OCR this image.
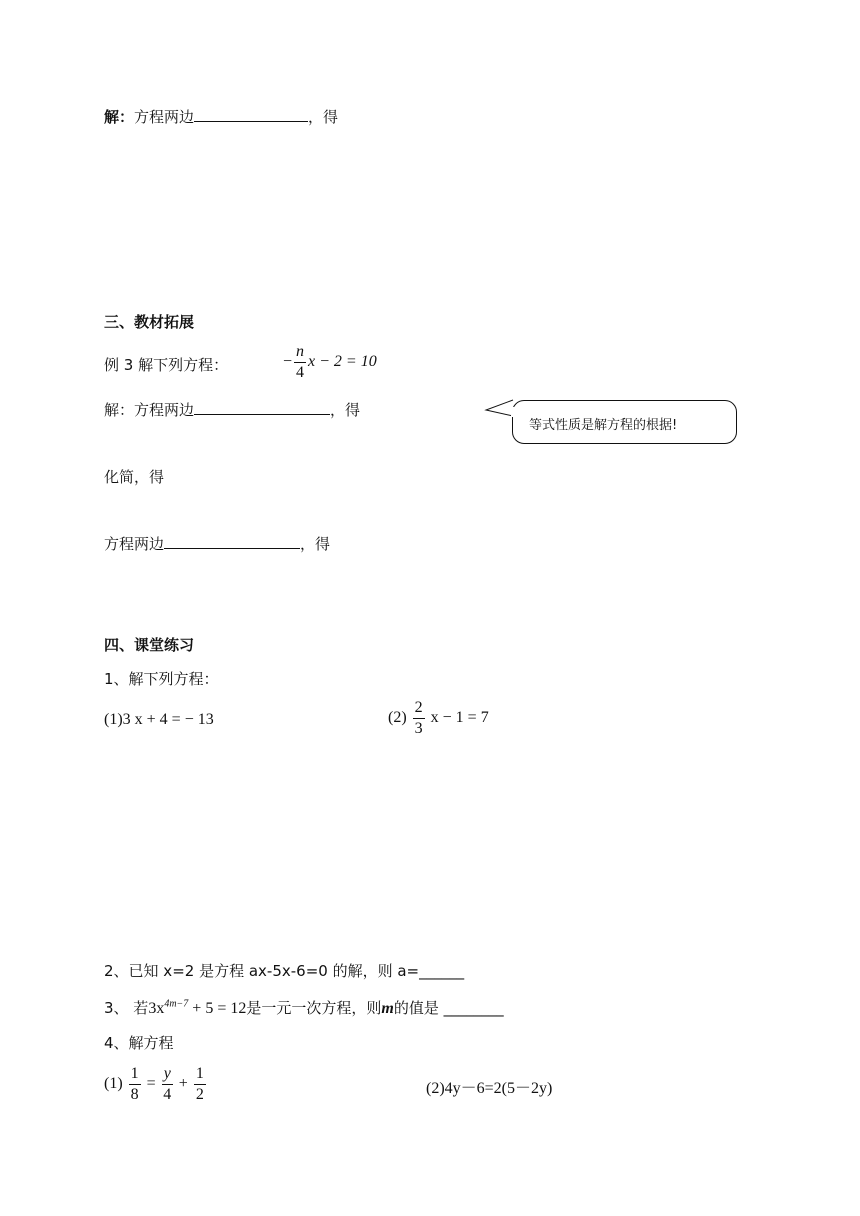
解：方程两边	，得
三、教材拓展
例 3 解下列方程：	− $\frac{n}{4}$ x − 2 = 10
解：方程两边	，得
等式性质是解方程的根据!
化简，得
方程两边	，得
四、课堂练习
1、解下列方程：
(1)3 x + 4 = − 13	$(2) \frac{2}{3}$ x − 1 = 7
2、已知 x=2 是方程 ax-5x-6=0 的解，则 a=______
3、 若$3x^{4m-7} + 5 = 12$是一元一次方程，则m的值是 ________
4、解方程
$(1) \frac{1}{8} = \frac{y}{4} + \frac{1}{2}$	(2)4y－6=2(5－2y)
